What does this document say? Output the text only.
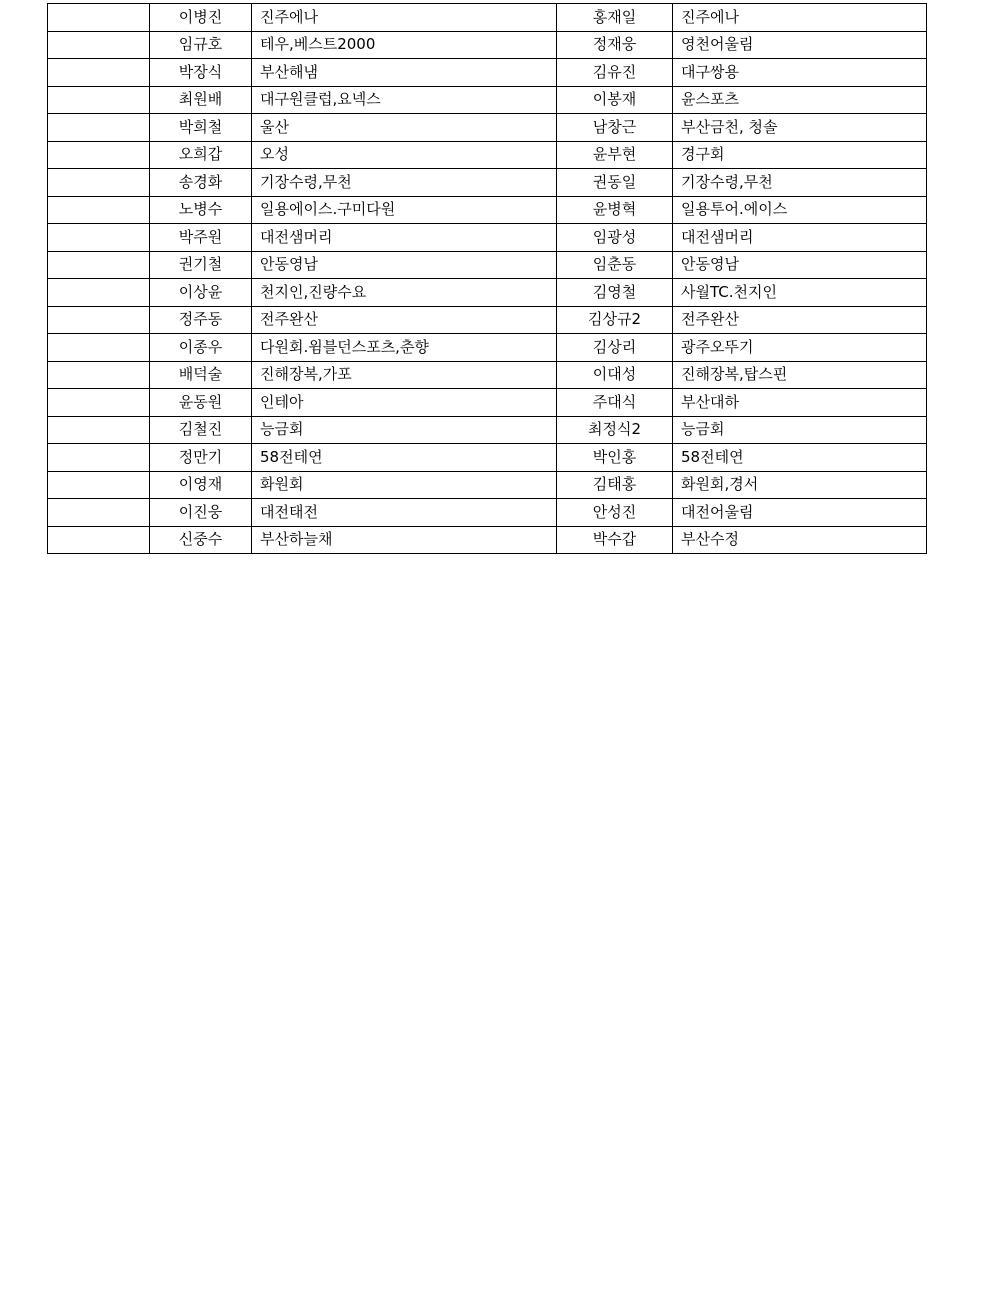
	이병진	진주에나	홍재일	진주에나
	임규호	테우,베스트2000	정재웅	영천어울림
	박장식	부산해냄	김유진	대구쌍용
	최원배	대구원클럽,요넥스	이봉재	윤스포츠
	박희철	울산	남창근	부산금천, 청솔
	오희갑	오성	윤부현	경구회
	송경화	기장수령,무천	권동일	기장수령,무천
	노병수	일용에이스.구미다원	윤병혁	일용투어.에이스
	박주원	대전샘머리	임광성	대전샘머리
	권기철	안동영남	임춘동	안동영남
	이상윤	천지인,진량수요	김영철	사월TC.천지인
	정주동	전주완산	김상규2	전주완산
	이종우	다원회.윔블던스포츠,춘향	김상리	광주오뚜기
	배덕술	진해장복,가포	이대성	진해장복,탑스핀
	윤동원	인테아	주대식	부산대하
	김철진	능금회	최정식2	능금회
	정만기	58전테연	박인홍	58전테연
	이영재	화원회	김태홍	화원회,경서
	이진웅	대전태전	안성진	대전어울림
	신중수	부산하늘채	박수갑	부산수정
